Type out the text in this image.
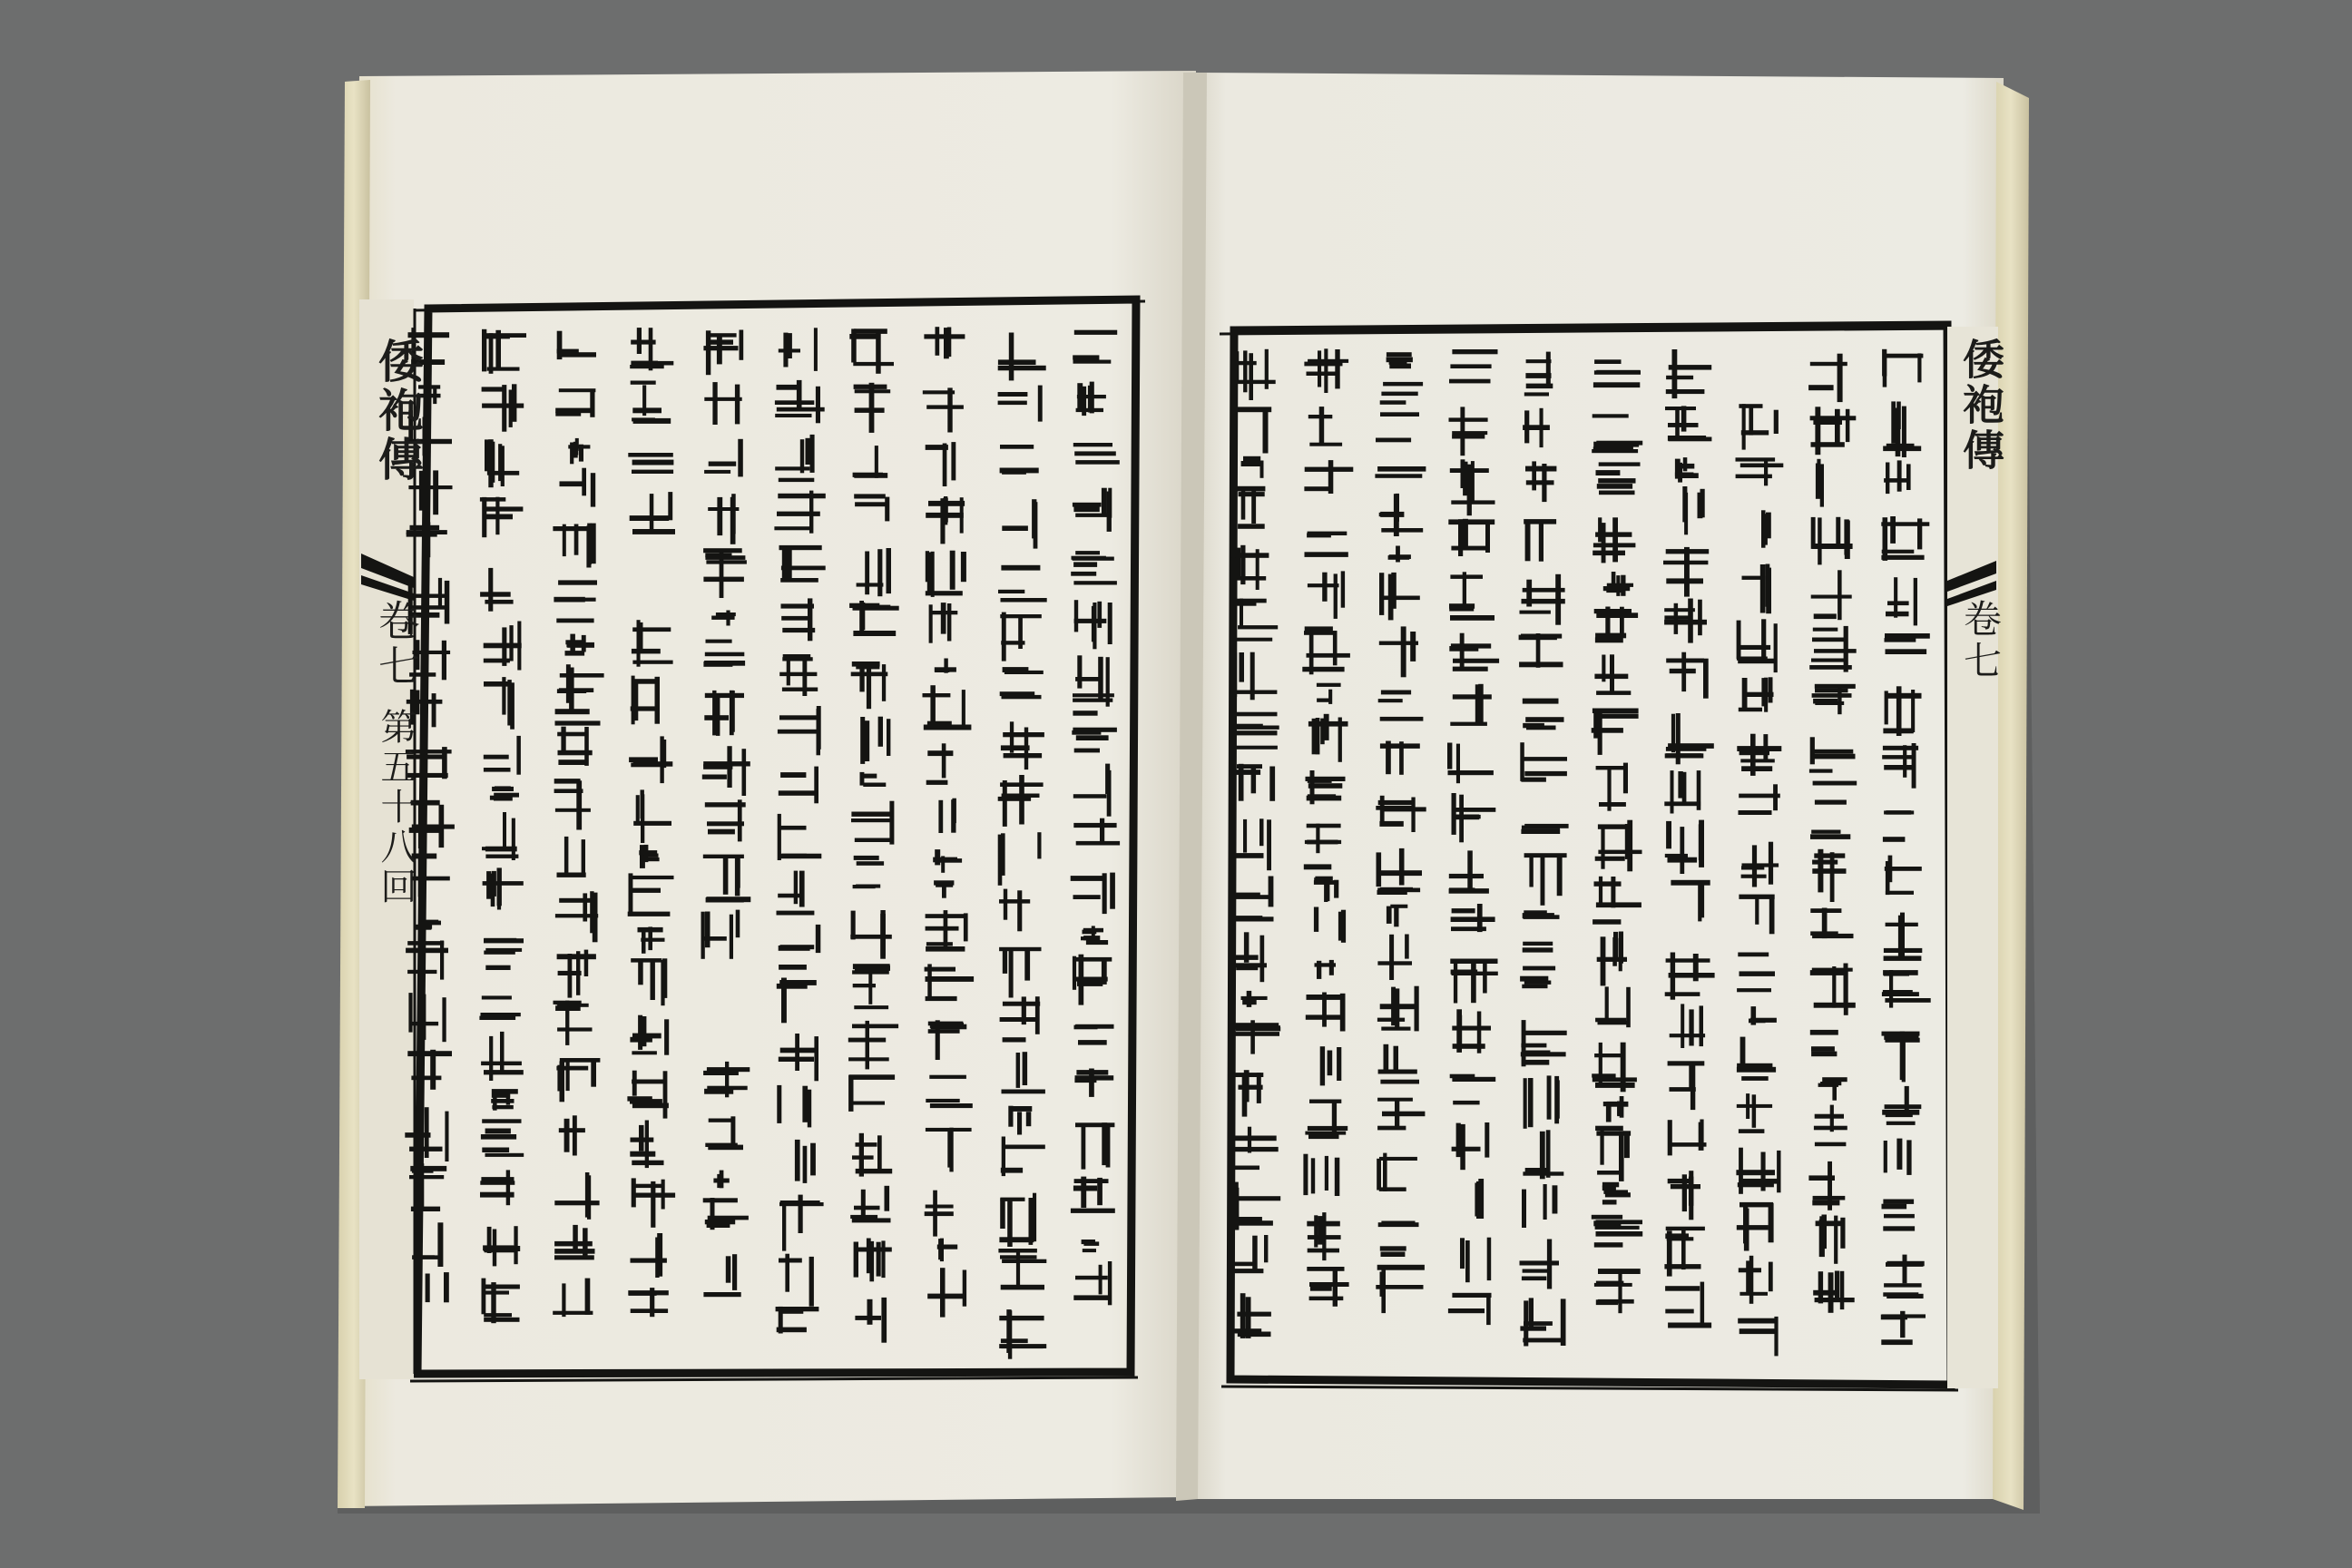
倭袍傳
卷七
第五十八回
倭袍傳
卷七
